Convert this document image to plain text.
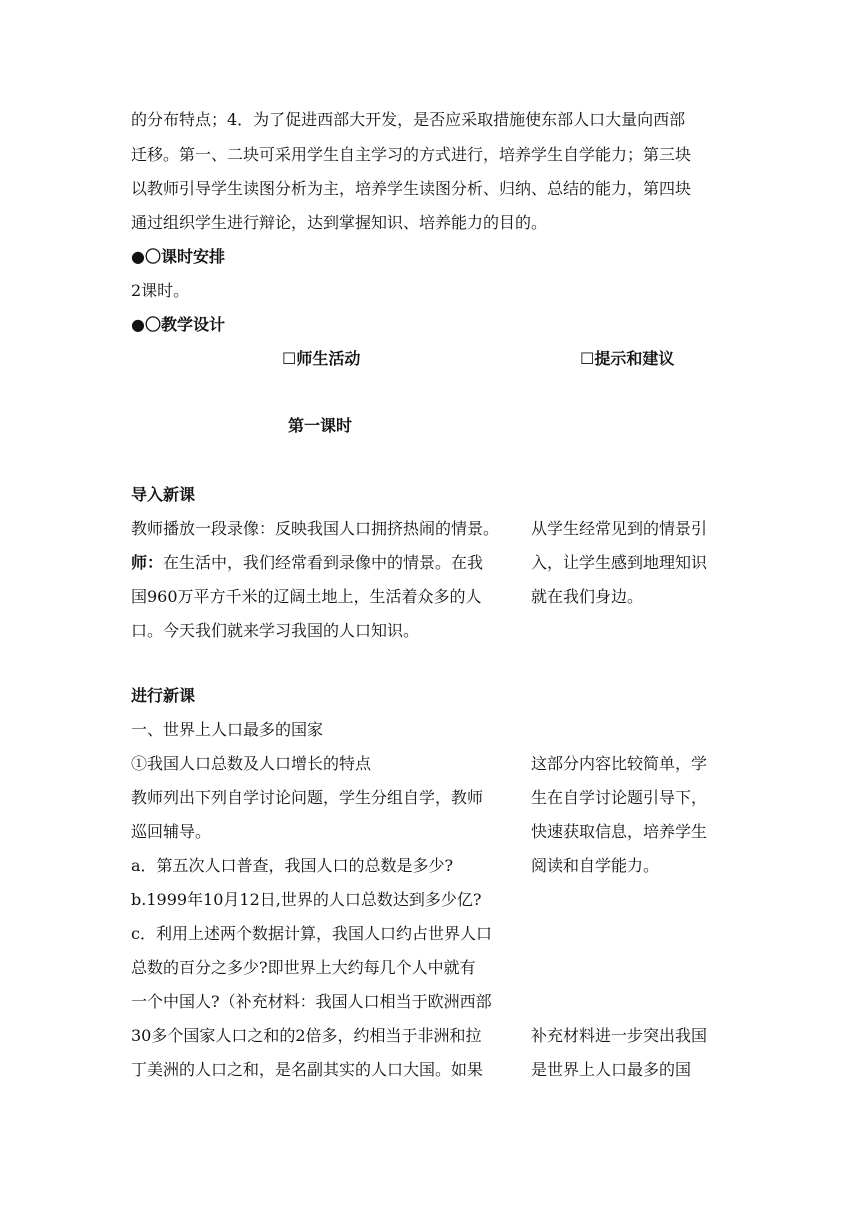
的分布特点；4．为了促进西部大开发，是否应采取措施使东部人口大量向西部
迁移。第一、二块可采用学生自主学习的方式进行，培养学生自学能力；第三块
以教师引导学生读图分析为主，培养学生读图分析、归纳、总结的能力，第四块
通过组织学生进行辩论，达到掌握知识、培养能力的目的。
●〇课时安排
2课时。
●〇教学设计
☐师生活动	☐提示和建议
第一课时
导入新课
教师播放一段录像：反映我国人口拥挤热闹的情景。
师：在生活中，我们经常看到录像中的情景。在我
国960万平方千米的辽阔土地上，生活着众多的人
口。今天我们就来学习我国的人口知识。
从学生经常见到的情景引
入，让学生感到地理知识
就在我们身边。
进行新课
一、世界上人口最多的国家
①我国人口总数及人口增长的特点
教师列出下列自学讨论问题，学生分组自学，教师
巡回辅导。
a．第五次人口普查，我国人口的总数是多少?
b.1999年10月12日,世界的人口总数达到多少亿?
c．利用上述两个数据计算，我国人口约占世界人口
总数的百分之多少?即世界上大约每几个人中就有
一个中国人?（补充材料：我国人口相当于欧洲西部
30多个国家人口之和的2倍多，约相当于非洲和拉
丁美洲的人口之和，是名副其实的人口大国。如果
这部分内容比较简单，学
生在自学讨论题引导下，
快速获取信息，培养学生
阅读和自学能力。
补充材料进一步突出我国
是世界上人口最多的国
